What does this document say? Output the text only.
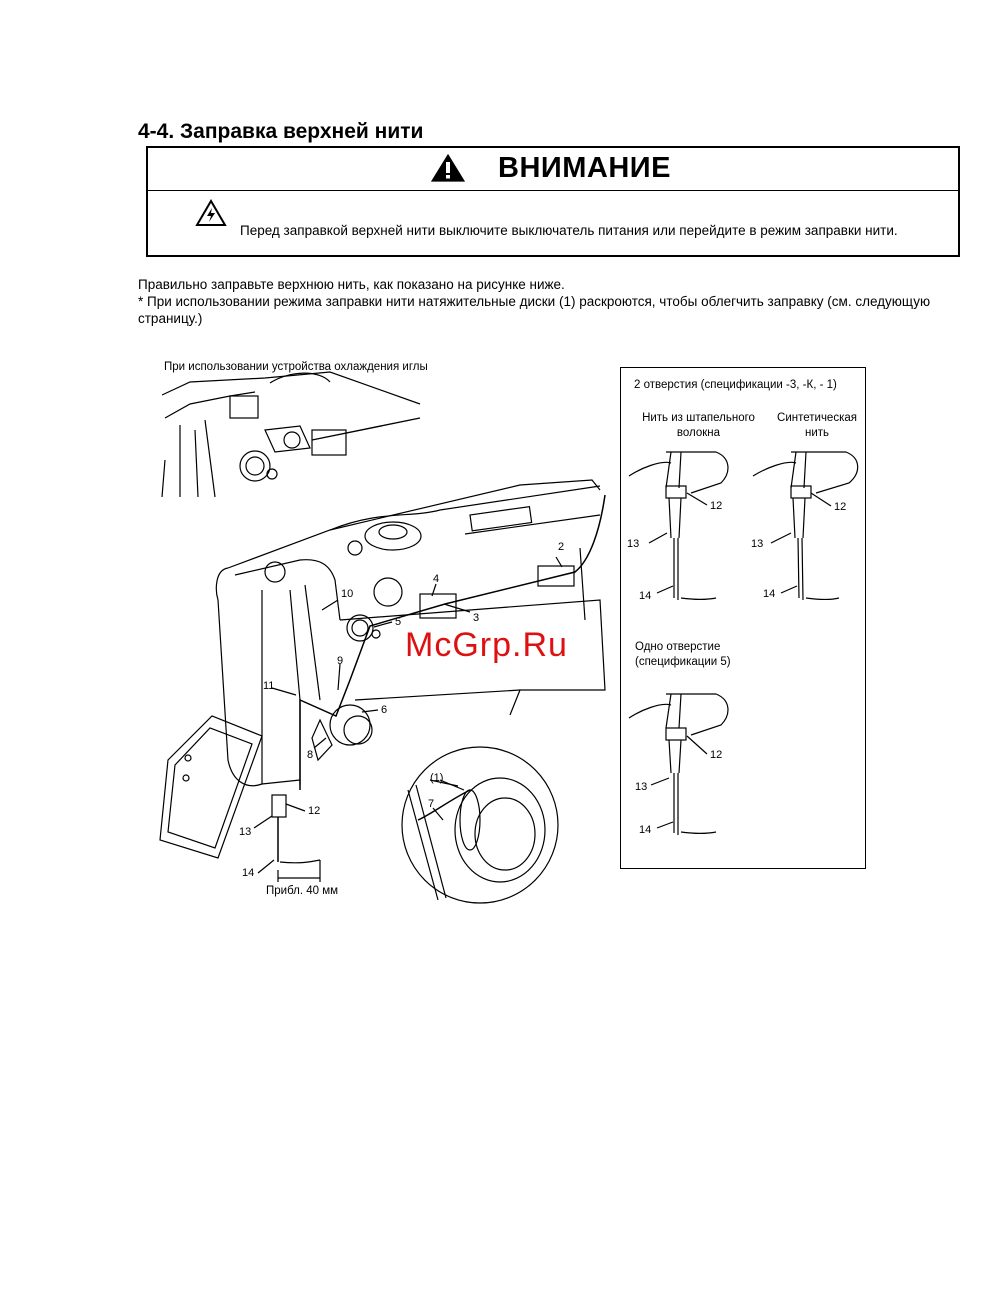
4-4. Заправка верхней нити
ВНИМАНИЕ
Перед заправкой верхней нити выключите выключатель питания или перейдите в режим заправки нити.
Правильно заправьте верхнюю нить, как показано на рисунке ниже.
* При использовании режима заправки нити натяжительные диски (1) раскроются, чтобы облегчить заправку (см. следующую страницу.)
При использовании устройства охлаждения иглы
2
3
4
5
6
8
9
10
11
12
13
14
(1)
7
Прибл. 40 мм
2 отверстия (спецификации -3, -К, - 1)
Нить из штапельного волокна
Синтетическая нить
Одно отверстие (спецификации 5)
12
13
14
12
13
14
12
13
14
McGrp.Ru
